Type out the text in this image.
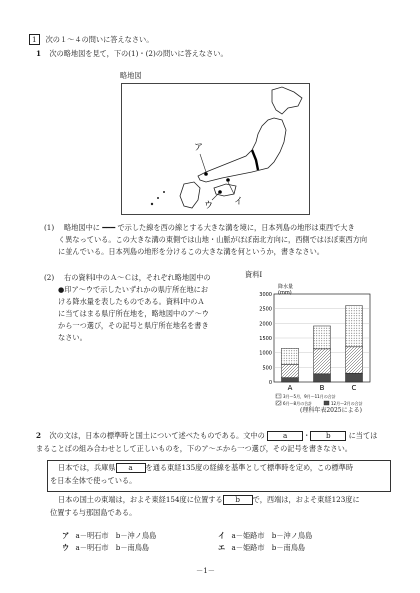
1 次の１～４の問いに答えなさい。
1 次の略地図を見て，下の(1)・(2)の問いに答えなさい。
略地図
ア
イ
ウ
(1) 略地図中に ━━━ で示した線を西の線とする大きな溝を境に，日本列島の地形は東西で大き
く異なっている。この大きな溝の東側では山地・山脈がほぼ南北方向に，西側ではほぼ東西方向
に並んでいる。日本列島の地形を分けるこの大きな溝を何というか，書きなさい。
(2) 右の資料Ⅰ中のＡ～Ｃは，それぞれ略地図中の
●印ア～ウで示したいずれかの県庁所在地にお
ける降水量を表したものである。資料Ⅰ中のＡ
に当てはまる県庁所在地を，略地図中のア～ウ
から一つ選び，その記号と県庁所在地名を書き
なさい。
資料Ⅰ
0
500
1000
1500
2000
2500
3000
降水量
(mm)
A	B	C
3月～5月，9月～11月の合計
6月～8月の合計	12月～2月の合計
(理科年表2025による)
2 次の文は，日本の標準時と国土について述べたものである。文中の	a ・ b	に当ては
まることばの組み合わせとして正しいものを，下のア～エから一つ選び，その記号を書きなさい。
日本では，兵庫県 a を通る東経135度の経線を基準として標準時を定め，この標準時
を日本全体で使っている。
日本の国土の東端は，およそ東経154度に位置する b で，西端は，およそ東経123度に
位置する与那国島である。
ア a－明石市　b－沖ノ鳥島	イ a－姫路市　b－沖ノ鳥島
ウ a－明石市　b－南鳥島	エ a－姫路市　b－南鳥島
－1－
